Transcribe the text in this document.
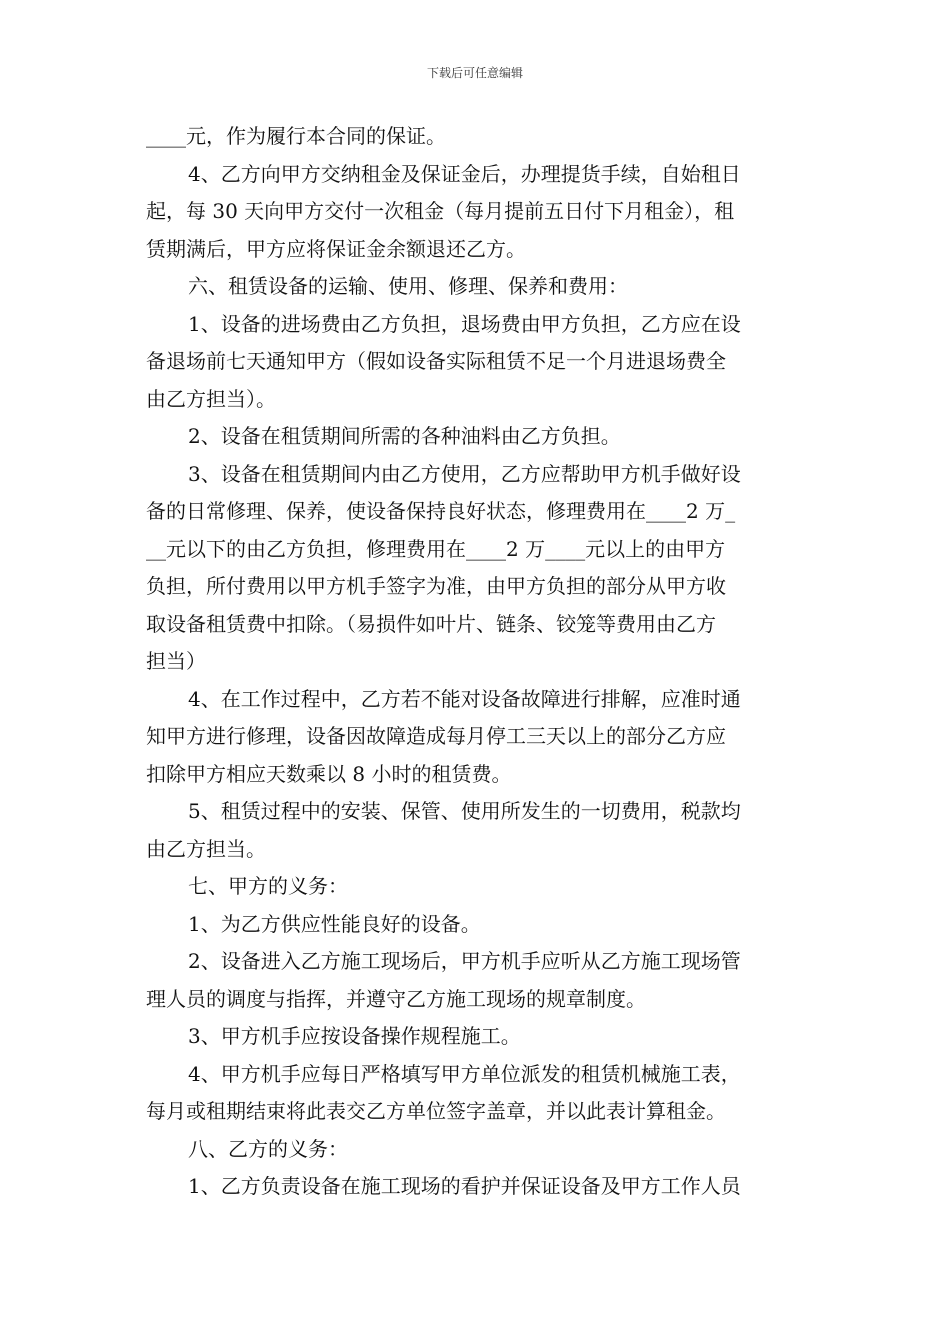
下载后可任意编辑
____元，作为履行本合同的保证。
4、乙方向甲方交纳租金及保证金后，办理提货手续，自始租日
起，每 30 天向甲方交付一次租金（每月提前五日付下月租金），租
赁期满后，甲方应将保证金余额退还乙方。
六、租赁设备的运输、使用、修理、保养和费用：
1、设备的进场费由乙方负担，退场费由甲方负担，乙方应在设
备退场前七天通知甲方（假如设备实际租赁不足一个月进退场费全
由乙方担当）。
2、设备在租赁期间所需的各种油料由乙方负担。
3、设备在租赁期间内由乙方使用，乙方应帮助甲方机手做好设
备的日常修理、保养，使设备保持良好状态，修理费用在____2 万_
__元以下的由乙方负担，修理费用在____2 万____元以上的由甲方
负担，所付费用以甲方机手签字为准，由甲方负担的部分从甲方收
取设备租赁费中扣除。（易损件如叶片、链条、铰笼等费用由乙方
担当）
4、在工作过程中，乙方若不能对设备故障进行排解，应准时通
知甲方进行修理，设备因故障造成每月停工三天以上的部分乙方应
扣除甲方相应天数乘以 8 小时的租赁费。
5、租赁过程中的安装、保管、使用所发生的一切费用，税款均
由乙方担当。
七、甲方的义务：
1、为乙方供应性能良好的设备。
2、设备进入乙方施工现场后，甲方机手应听从乙方施工现场管
理人员的调度与指挥，并遵守乙方施工现场的规章制度。
3、甲方机手应按设备操作规程施工。
4、甲方机手应每日严格填写甲方单位派发的租赁机械施工表，
每月或租期结束将此表交乙方单位签字盖章，并以此表计算租金。
八、乙方的义务：
1、乙方负责设备在施工现场的看护并保证设备及甲方工作人员
